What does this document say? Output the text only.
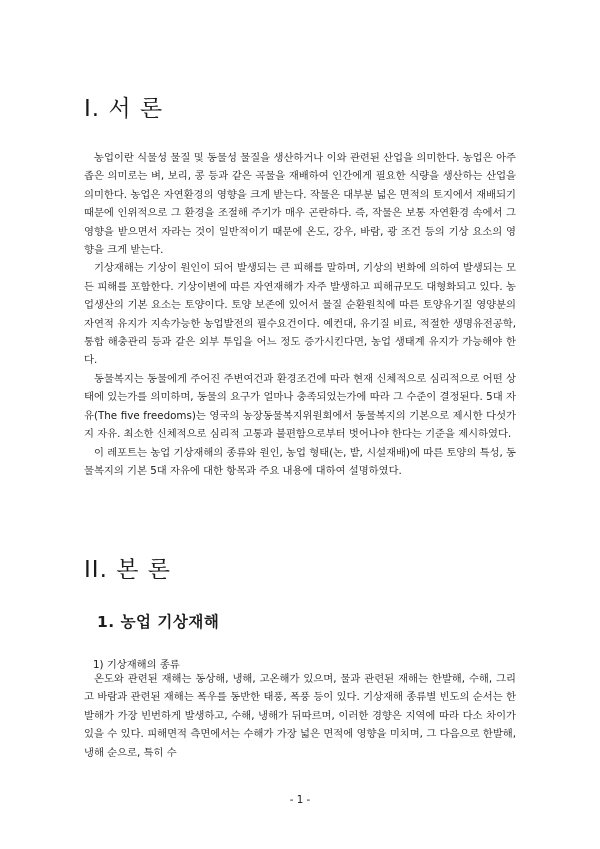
I. 서 론

농업이란 식물성 물질 및 동물성 물질을 생산하거나 이와 관련된 산업을 의미한다. 농업은 아주 좁은 의미로는 벼, 보리, 콩 등과 같은 곡물을 재배하여 인간에게 필요한 식량을 생산하는 산업을 의미한다. 농업은 자연환경의 영향을 크게 받는다. 작물은 대부분 넓은 면적의 토지에서 재배되기 때문에 인위적으로 그 환경을 조절해 주기가 매우 곤란하다. 즉, 작물은 보통 자연환경 속에서 그 영향을 받으면서 자라는 것이 일반적이기 때문에 온도, 강우, 바람, 광 조건 등의 기상 요소의 영향을 크게 받는다.

기상재해는 기상이 원인이 되어 발생되는 큰 피해를 말하며, 기상의 변화에 의하여 발생되는 모든 피해를 포함한다. 기상이변에 따른 자연재해가 자주 발생하고 피해규모도 대형화되고 있다. 농업생산의 기본 요소는 토양이다. 토양 보존에 있어서 물질 순환원칙에 따른 토양유기질 영양분의 자연적 유지가 지속가능한 농업발전의 필수요건이다. 예컨대, 유기질 비료, 적절한 생명유전공학, 통합 해충관리 등과 같은 외부 투입을 어느 정도 증가시킨다면, 농업 생태계 유지가 가능해야 한다.

동물복지는 동물에게 주어진 주변여건과 환경조건에 따라 현재 신체적으로 심리적으로 어떤 상태에 있는가를 의미하며, 동물의 요구가 얼마나 충족되었는가에 따라 그 수준이 결정된다. 5대 자유(The five freedoms)는 영국의 농장동물복지위원회에서 동물복지의 기본으로 제시한 다섯가지 자유. 최소한 신체적으로 심리적 고통과 불편함으로부터 벗어나야 한다는 기준을 제시하였다.

이 레포트는 농업 기상재해의 종류와 원인, 농업 형태(논, 밭, 시설재배)에 따른 토양의 특성, 동물복지의 기본 5대 자유에 대한 항목과 주요 내용에 대하여 설명하였다.

II. 본 론
1. 농업 기상재해
1) 기상재해의 종류

온도와 관련된 재해는 동상해, 냉해, 고온해가 있으며, 물과 관련된 재해는 한발해, 수해, 그리고 바람과 관련된 재해는 폭우를 동반한 태풍, 폭풍 등이 있다. 기상재해 종류별 빈도의 순서는 한발해가 가장 빈번하게 발생하고, 수해, 냉해가 뒤따르며, 이러한 경향은 지역에 따라 다소 차이가 있을 수 있다. 피해면적 측면에서는 수해가 가장 넓은 면적에 영향을 미치며, 그 다음으로 한발해, 냉해 순으로, 특히 수

- 1 -
